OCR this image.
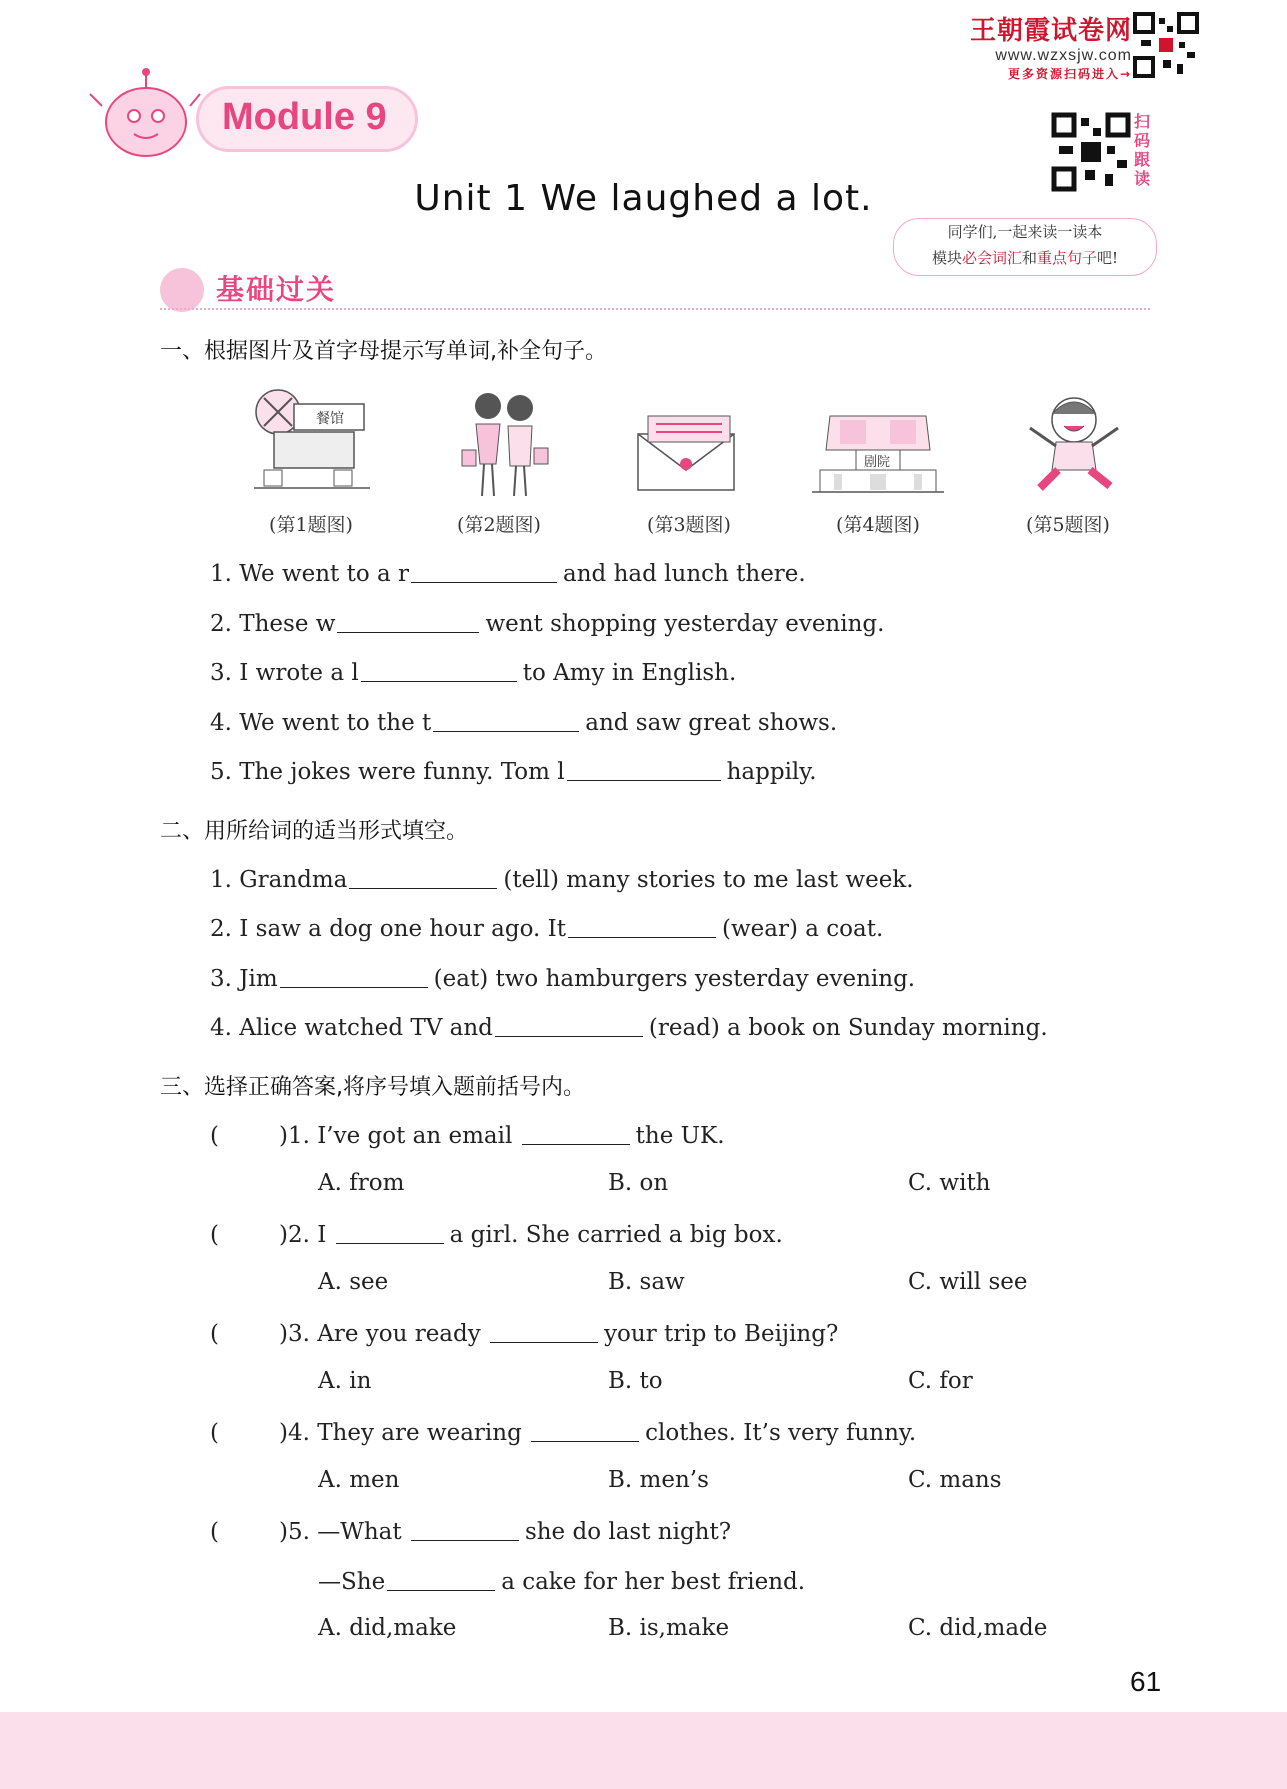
王朝霞试卷网
www.wzxsjw.com
更多资源扫码进入→
Module 9	扫码跟读
Unit 1 We laughed a lot.
同学们,一起来读一读本
模块必会词汇和重点句子吧!
基础过关
一、根据图片及首字母提示写单词,补全句子。
餐馆
剧院
(第1题图)	(第2题图)	(第3题图)	(第4题图)	(第5题图)
1. We went to a r	and had lunch there.
2. These w	went shopping yesterday evening.
3. I wrote a l	to Amy in English.
4. We went to the t	and saw great shows.
5. The jokes were funny. Tom l	happily.
二、用所给词的适当形式填空。
1. Grandma	(tell) many stories to me last week.
2. I saw a dog one hour ago. It	(wear) a coat.
3. Jim	(eat) two hamburgers yesterday evening.
4. Alice watched TV and	(read) a book on Sunday morning.
三、选择正确答案,将序号填入题前括号内。
(	)1. I’ve got an email	the UK.
A. from	B. on	C. with
(	)2. I	a girl. She carried a big box.
A. see	B. saw	C. will see
(	)3. Are you ready	your trip to Beijing?
A. in	B. to	C. for
(	)4. They are wearing	clothes. It’s very funny.
A. men	B. men’s	C. mans
(	)5. —What	she do last night?
—She	a cake for her best friend.
A. did,make	B. is,make	C. did,made
61
